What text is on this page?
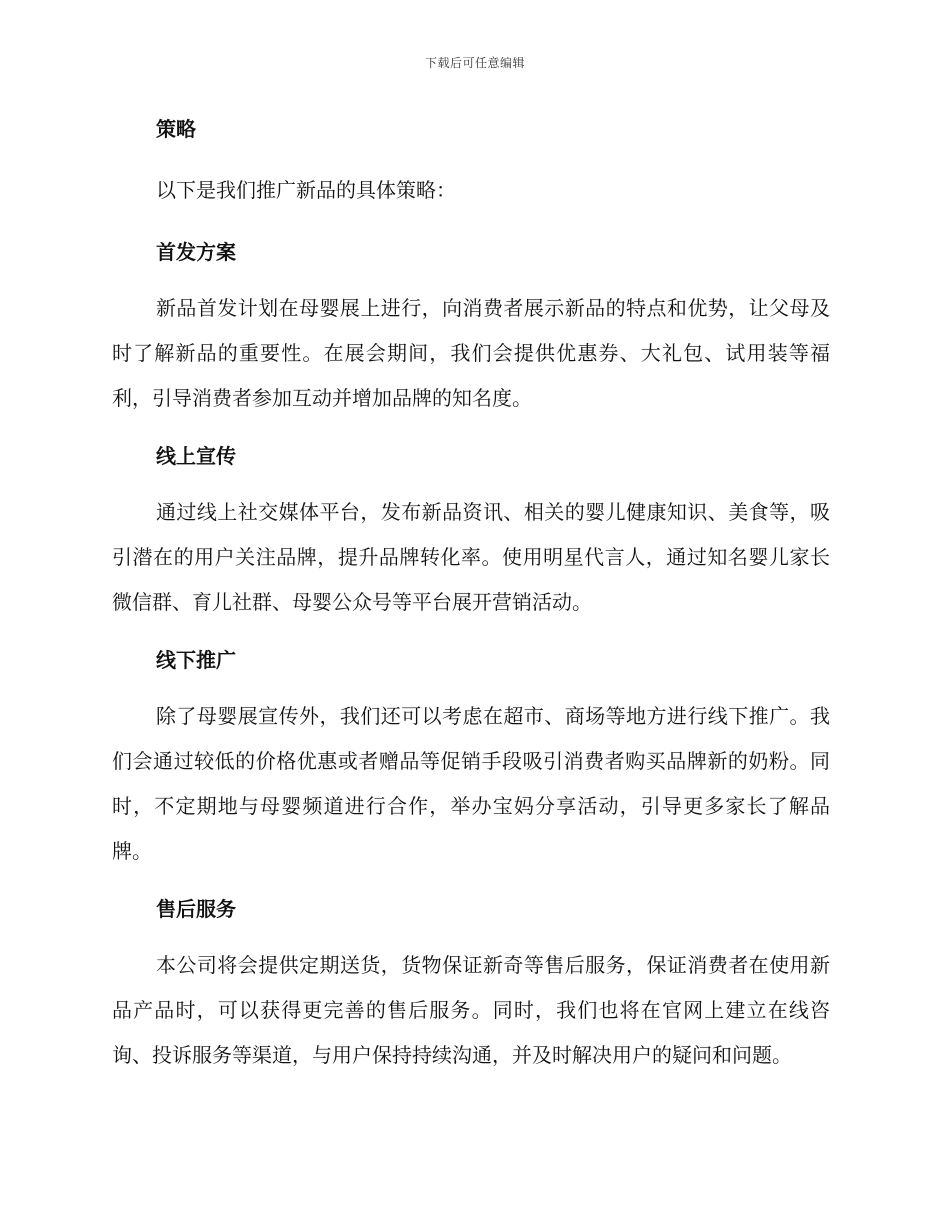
下载后可任意编辑
策略

以下是我们推广新品的具体策略：

首发方案

新品首发计划在母婴展上进行，向消费者展示新品的特点和优势，让父母及时了解新品的重要性。在展会期间，我们会提供优惠券、大礼包、试用装等福利，引导消费者参加互动并增加品牌的知名度。

线上宣传

通过线上社交媒体平台，发布新品资讯、相关的婴儿健康知识、美食等，吸引潜在的用户关注品牌，提升品牌转化率。使用明星代言人，通过知名婴儿家长微信群、育儿社群、母婴公众号等平台展开营销活动。

线下推广

除了母婴展宣传外，我们还可以考虑在超市、商场等地方进行线下推广。我们会通过较低的价格优惠或者赠品等促销手段吸引消费者购买品牌新的奶粉。同时，不定期地与母婴频道进行合作，举办宝妈分享活动，引导更多家长了解品牌。

售后服务

本公司将会提供定期送货，货物保证新奇等售后服务，保证消费者在使用新品产品时，可以获得更完善的售后服务。同时，我们也将在官网上建立在线咨询、投诉服务等渠道，与用户保持持续沟通，并及时解决用户的疑问和问题。
